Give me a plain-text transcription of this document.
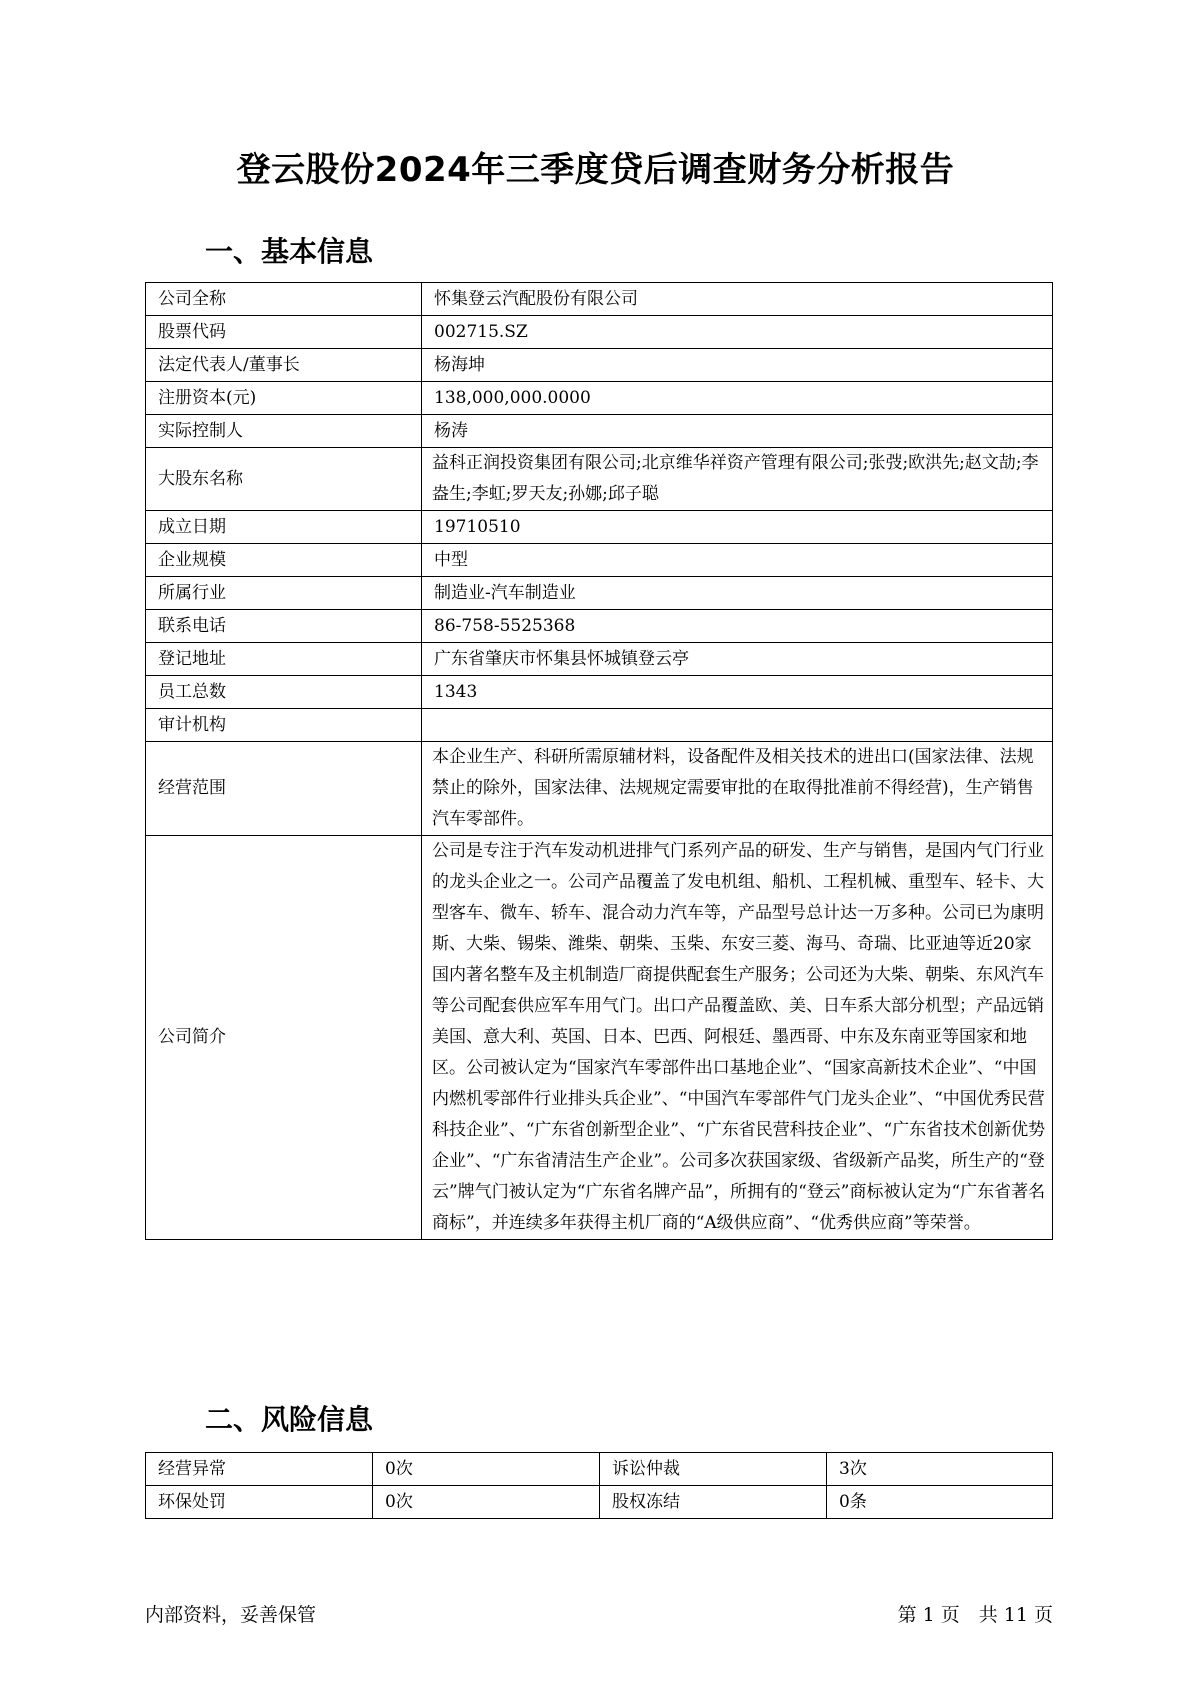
登云股份2024年三季度贷后调查财务分析报告
一、基本信息
公司全称	怀集登云汽配股份有限公司
股票代码	002715.SZ
法定代表人/董事长	杨海坤
注册资本(元)	138,000,000.0000
实际控制人	杨涛
大股东名称	益科正润投资集团有限公司;北京维华祥资产管理有限公司;张弢;欧洪先;赵文劼;李盎生;李虹;罗天友;孙娜;邱子聪
成立日期	19710510
企业规模	中型
所属行业	制造业-汽车制造业
联系电话	86-758-5525368
登记地址	广东省肇庆市怀集县怀城镇登云亭
员工总数	1343
审计机构	
经营范围	本企业生产、科研所需原辅材料，设备配件及相关技术的进出口(国家法律、法规禁止的除外，国家法律、法规规定需要审批的在取得批准前不得经营)，生产销售汽车零部件。
公司简介	公司是专注于汽车发动机进排气门系列产品的研发、生产与销售，是国内气门行业的龙头企业之一。公司产品覆盖了发电机组、船机、工程机械、重型车、轻卡、大型客车、微车、轿车、混合动力汽车等，产品型号总计达一万多种。公司已为康明斯、大柴、锡柴、潍柴、朝柴、玉柴、东安三菱、海马、奇瑞、比亚迪等近20家国内著名整车及主机制造厂商提供配套生产服务；公司还为大柴、朝柴、东风汽车等公司配套供应军车用气门。出口产品覆盖欧、美、日车系大部分机型；产品远销美国、意大利、英国、日本、巴西、阿根廷、墨西哥、中东及东南亚等国家和地区。公司被认定为“国家汽车零部件出口基地企业”、“国家高新技术企业”、“中国内燃机零部件行业排头兵企业”、“中国汽车零部件气门龙头企业”、“中国优秀民营科技企业”、“广东省创新型企业”、“广东省民营科技企业”、“广东省技术创新优势企业”、“广东省清洁生产企业”。公司多次获国家级、省级新产品奖，所生产的“登云”牌气门被认定为“广东省名牌产品”，所拥有的“登云”商标被认定为“广东省著名商标”，并连续多年获得主机厂商的“A级供应商”、“优秀供应商”等荣誉。
二、风险信息
经营异常	0次	诉讼仲裁	3次
环保处罚	0次	股权冻结	0条
内部资料，妥善保管	第 1 页　共 11 页
